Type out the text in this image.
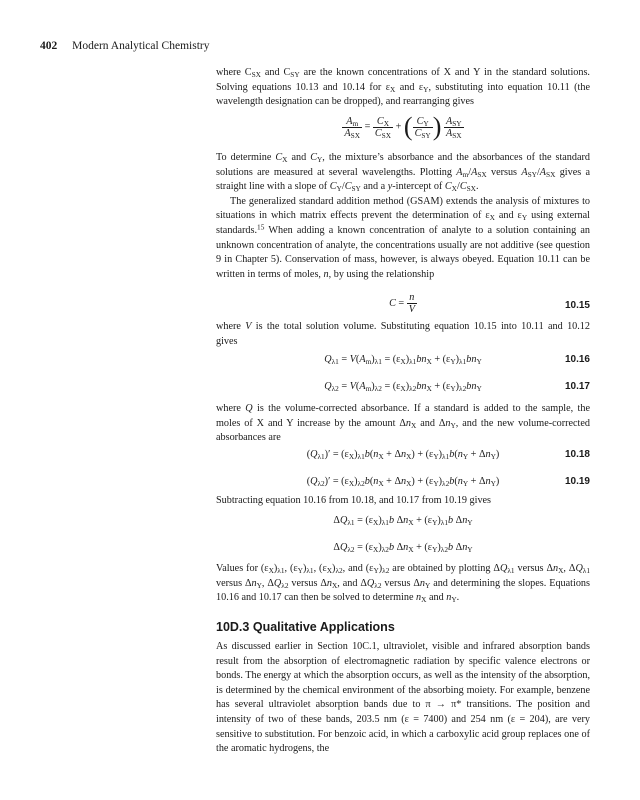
402 Modern Analytical Chemistry

where $C_{SX}$ and $C_{SY}$ are the known concentrations of X and Y in the standard solutions. Solving equations 10.13 and 10.14 for $\varepsilon_X$ and $\varepsilon_Y$, substituting into equation 10.11 (the wavelength designation can be dropped), and rearranging gives

$\frac{A_m}{A_{SX}} = \frac{C_X}{C_{SX}}$ + ( $\frac{C_Y}{C_{SY}}$ ) $\frac{A_{SY}}{A_{SX}}$

To determine $C_X$ and $C_Y$, the mixture’s absorbance and the absorbances of the standard solutions are measured at several wavelengths. Plotting $A_m/A_{SX}$ versus $A_{SY}/A_{SX}$ gives a straight line with a slope of $C_Y/C_{SY}$ and a y-intercept of $C_X/C_{SX}$.

The generalized standard addition method (GSAM) extends the analysis of mixtures to situations in which matrix effects prevent the determination of $\varepsilon_X$ and $\varepsilon_Y$ using external standards.$^{15}$ When adding a known concentration of analyte to a solution containing an unknown concentration of analyte, the concentrations usually are not additive (see question 9 in Chapter 5). Conservation of mass, however, is always obeyed. Equation 10.11 can be written in terms of moles, n, by using the relationship

$C = \frac{n}{V}$	10.15

where V is the total solution volume. Substituting equation 10.15 into 10.11 and 10.12 gives

$Q_{\lambda 1} = V(A_m)_{\lambda 1} = (\varepsilon_X)_{\lambda 1}bn_X + (\varepsilon_Y)_{\lambda 1}bn_Y$	10.16
$Q_{\lambda 2} = V(A_m)_{\lambda 2} = (\varepsilon_X)_{\lambda 2}bn_X + (\varepsilon_Y)_{\lambda 2}bn_Y$	10.17

where Q is the volume-corrected absorbance. If a standard is added to the sample, the moles of X and Y increase by the amount $\Delta n_X$ and $\Delta n_Y$, and the new volume-corrected absorbances are

$(Q_{\lambda 1})' = (\varepsilon_X)_{\lambda 1}b(n_X + \Delta n_X) + (\varepsilon_Y)_{\lambda 1}b(n_Y + \Delta n_Y)$	10.18
$(Q_{\lambda 2})' = (\varepsilon_X)_{\lambda 2}b(n_X + \Delta n_X) + (\varepsilon_Y)_{\lambda 2}b(n_Y + \Delta n_Y)$	10.19

Subtracting equation 10.16 from 10.18, and 10.17 from 10.19 gives

$\Delta Q_{\lambda 1} = (\varepsilon_X)_{\lambda 1}b$ $\Delta n_X + (\varepsilon_Y)_{\lambda 1}b$ $\Delta n_Y$
$\Delta Q_{\lambda 2} = (\varepsilon_X)_{\lambda 2}b$ $\Delta n_X + (\varepsilon_Y)_{\lambda 2}b$ $\Delta n_Y$

Values for $(\varepsilon_X)_{\lambda 1}$, $(\varepsilon_Y)_{\lambda 1}$, $(\varepsilon_X)_{\lambda 2}$, and $(\varepsilon_Y)_{\lambda 2}$ are obtained by plotting $\Delta Q_{\lambda 1}$ versus $\Delta n_X$, $\Delta Q_{\lambda 1}$ versus $\Delta n_Y$, $\Delta Q_{\lambda 2}$ versus $\Delta n_X$, and $\Delta Q_{\lambda 2}$ versus $\Delta n_Y$ and determining the slopes. Equations 10.16 and 10.17 can then be solved to determine $n_X$ and $n_Y$.

10D.3 Qualitative Applications

As discussed earlier in Section 10C.1, ultraviolet, visible and infrared absorption bands result from the absorption of electromagnetic radiation by specific valence electrons or bonds. The energy at which the absorption occurs, as well as the intensity of the absorption, is determined by the chemical environment of the absorbing moiety. For example, benzene has several ultraviolet absorption bands due to π → π* transitions. The position and intensity of two of these bands, 203.5 nm (ε = 7400) and 254 nm (ε = 204), are very sensitive to substitution. For benzoic acid, in which a carboxylic acid group replaces one of the aromatic hydrogens, the
